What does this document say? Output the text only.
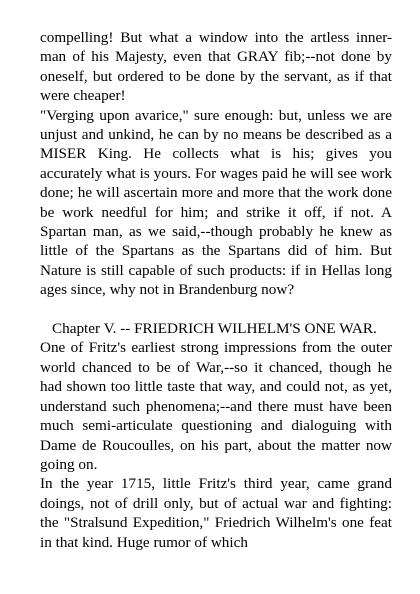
compelling! But what a window into the artless inner-man of his Majesty, even that GRAY fib;--not done by oneself, but ordered to be done by the servant, as if that were cheaper!

"Verging upon avarice," sure enough: but, unless we are unjust and unkind, he can by no means be described as a MISER King. He collects what is his; gives you accurately what is yours. For wages paid he will see work done; he will ascertain more and more that the work done be work needful for him; and strike it off, if not. A Spartan man, as we said,--though probably he knew as little of the Spartans as the Spartans did of him. But Nature is still capable of such products: if in Hellas long ages since, why not in Brandenburg now?

Chapter V. -- FRIEDRICH WILHELM'S ONE WAR.

One of Fritz's earliest strong impressions from the outer world chanced to be of War,--so it chanced, though he had shown too little taste that way, and could not, as yet, understand such phenomena;--and there must have been much semi-articulate questioning and dialoguing with Dame de Roucoulles, on his part, about the matter now going on.

In the year 1715, little Fritz's third year, came grand doings, not of drill only, but of actual war and fighting: the "Stralsund Expedition," Friedrich Wilhelm's one feat in that kind. Huge rumor of which
